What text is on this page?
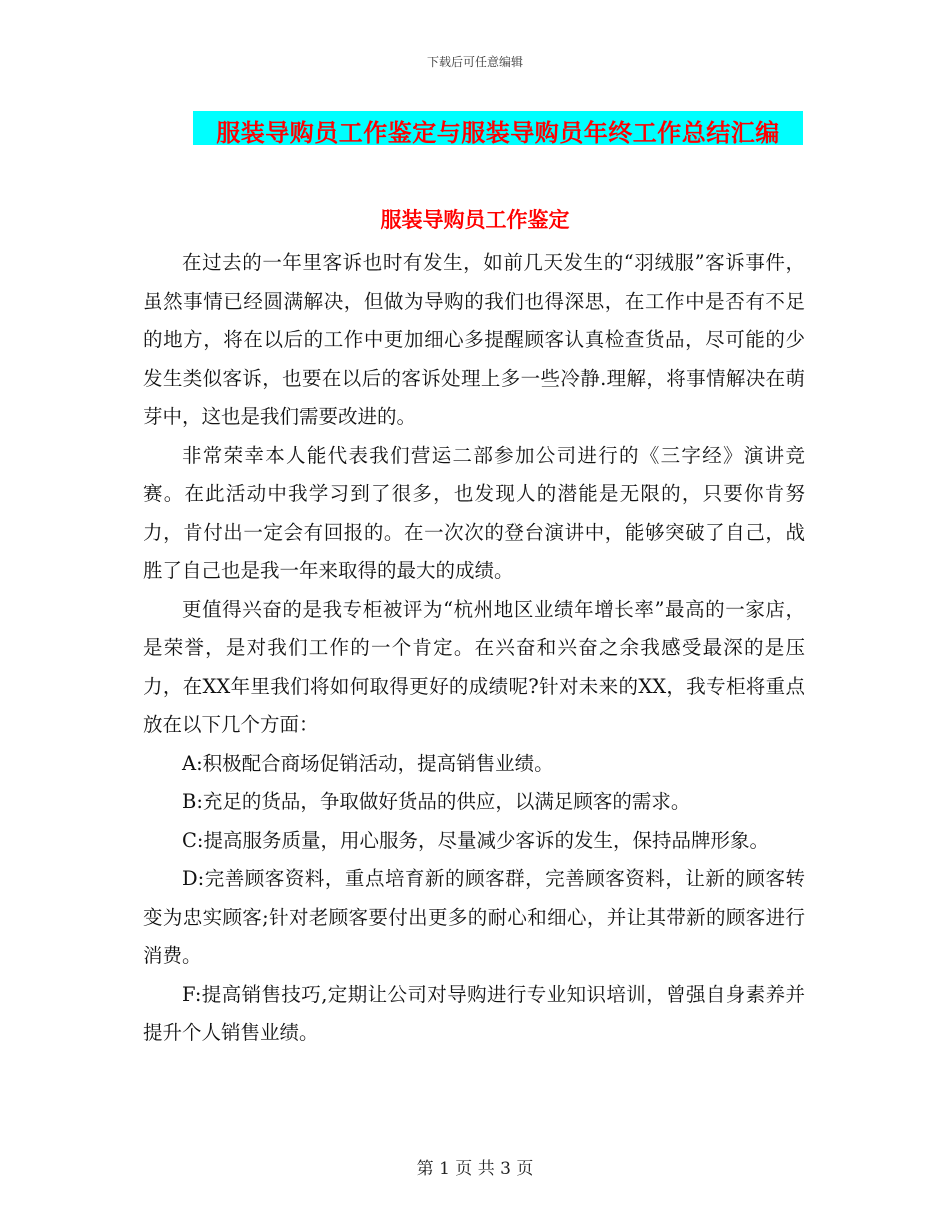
下载后可任意编辑
服装导购员工作鉴定与服装导购员年终工作总结汇编
服装导购员工作鉴定

在过去的一年里客诉也时有发生，如前几天发生的“羽绒服”客诉事件，虽然事情已经圆满解决，但做为导购的我们也得深思，在工作中是否有不足的地方，将在以后的工作中更加细心多提醒顾客认真检查货品，尽可能的少发生类似客诉，也要在以后的客诉处理上多一些冷静.理解，将事情解决在萌芽中，这也是我们需要改进的。

非常荣幸本人能代表我们营运二部参加公司进行的《三字经》演讲竞赛。在此活动中我学习到了很多，也发现人的潜能是无限的，只要你肯努力，肯付出一定会有回报的。在一次次的登台演讲中，能够突破了自己，战胜了自己也是我一年来取得的最大的成绩。

更值得兴奋的是我专柜被评为“杭州地区业绩年增长率”最高的一家店，是荣誉，是对我们工作的一个肯定。在兴奋和兴奋之余我感受最深的是压力，在XX年里我们将如何取得更好的成绩呢?针对未来的XX，我专柜将重点放在以下几个方面：

A:积极配合商场促销活动，提高销售业绩。

B:充足的货品，争取做好货品的供应，以满足顾客的需求。

C:提高服务质量，用心服务，尽量减少客诉的发生，保持品牌形象。

D:完善顾客资料，重点培育新的顾客群，完善顾客资料，让新的顾客转变为忠实顾客;针对老顾客要付出更多的耐心和细心，并让其带新的顾客进行消费。

F:提高销售技巧,定期让公司对导购进行专业知识培训，曾强自身素养并提升个人销售业绩。

第 1 页 共 3 页
